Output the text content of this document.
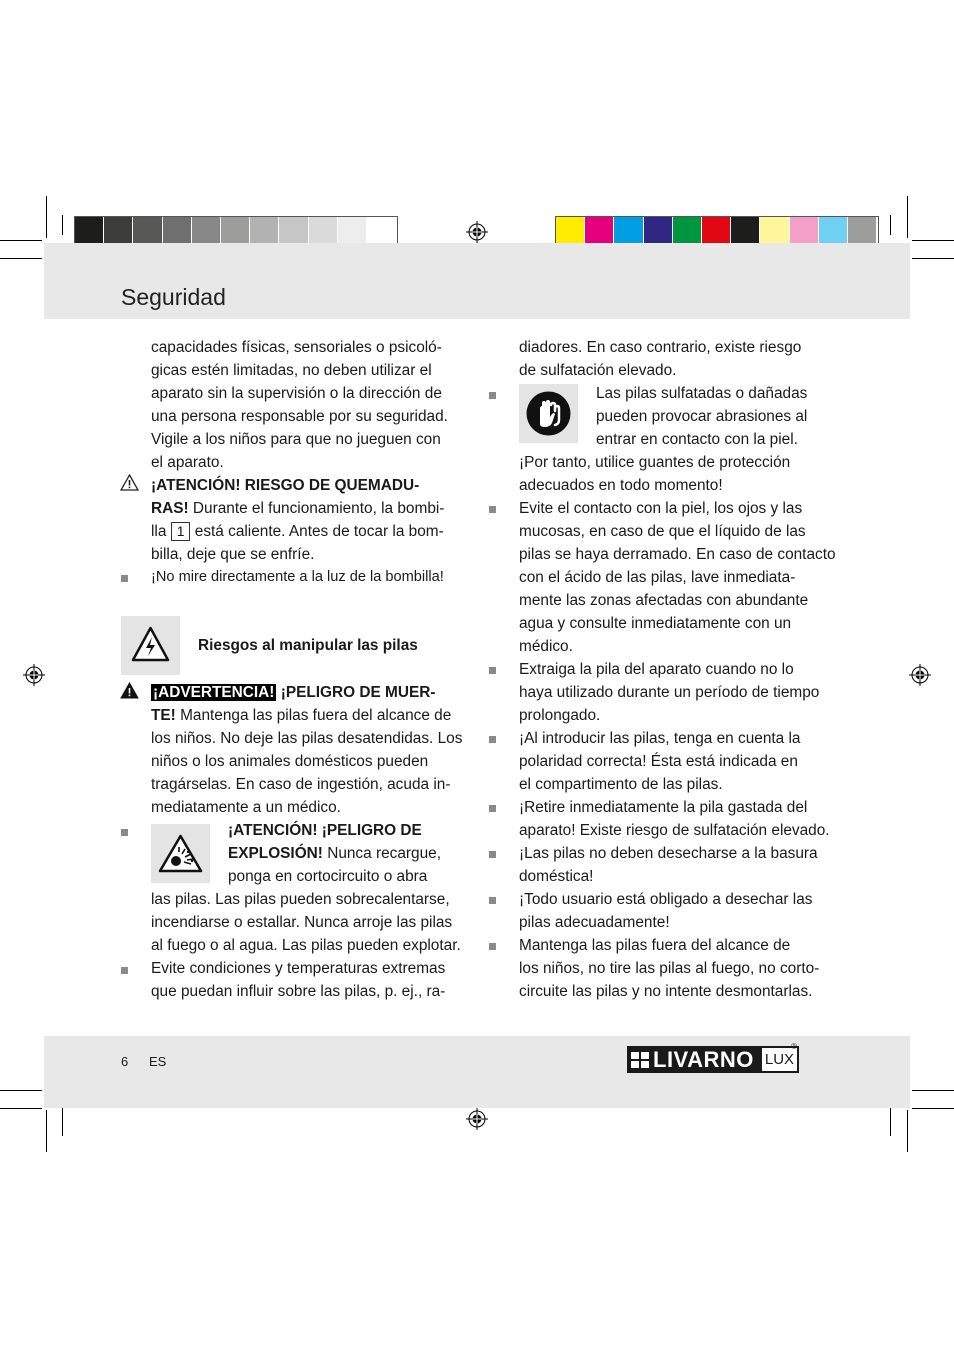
Seguridad
capacidades físicas, sensoriales o psicoló-
gicas estén limitadas, no deben utilizar el
aparato sin la supervisión o la dirección de
una persona responsable por su seguridad.
Vigile a los niños para que no jueguen con
el aparato.
¡ATENCIÓN! RIESGO DE QUEMADU-
RAS! Durante el funcionamiento, la bombi-
lla 1 está caliente. Antes de tocar la bom-
billa, deje que se enfríe.
¡No mire directamente a la luz de la bombilla!
Riesgos al manipular las pilas
¡ADVERTENCIA! ¡PELIGRO DE MUER-
TE! Mantenga las pilas fuera del alcance de
los niños. No deje las pilas desatendidas. Los
niños o los animales domésticos pueden
tragárselas. En caso de ingestión, acuda in-
mediatamente a un médico.
¡ATENCIÓN! ¡PELIGRO DE
EXPLOSIÓN! Nunca recargue,
ponga en cortocircuito o abra
las pilas. Las pilas pueden sobrecalentarse,
incendiarse o estallar. Nunca arroje las pilas
al fuego o al agua. Las pilas pueden explotar.
Evite condiciones y temperaturas extremas
que puedan influir sobre las pilas, p. ej., ra-
diadores. En caso contrario, existe riesgo
de sulfatación elevado.
Las pilas sulfatadas o dañadas
pueden provocar abrasiones al
entrar en contacto con la piel.
¡Por tanto, utilice guantes de protección
adecuados en todo momento!
Evite el contacto con la piel, los ojos y las
mucosas, en caso de que el líquido de las
pilas se haya derramado. En caso de contacto
con el ácido de las pilas, lave inmediata-
mente las zonas afectadas con abundante
agua y consulte inmediatamente con un
médico.
Extraiga la pila del aparato cuando no lo
haya utilizado durante un período de tiempo
prolongado.
¡Al introducir las pilas, tenga en cuenta la
polaridad correcta! Ésta está indicada en
el compartimento de las pilas.
¡Retire inmediatamente la pila gastada del
aparato! Existe riesgo de sulfatación elevado.
¡Las pilas no deben desecharse a la basura
doméstica!
¡Todo usuario está obligado a desechar las
pilas adecuadamente!
Mantenga las pilas fuera del alcance de
los niños, no tire las pilas al fuego, no corto-
circuite las pilas y no intente desmontarlas.
6 ES	LIVARNO LUX
®
